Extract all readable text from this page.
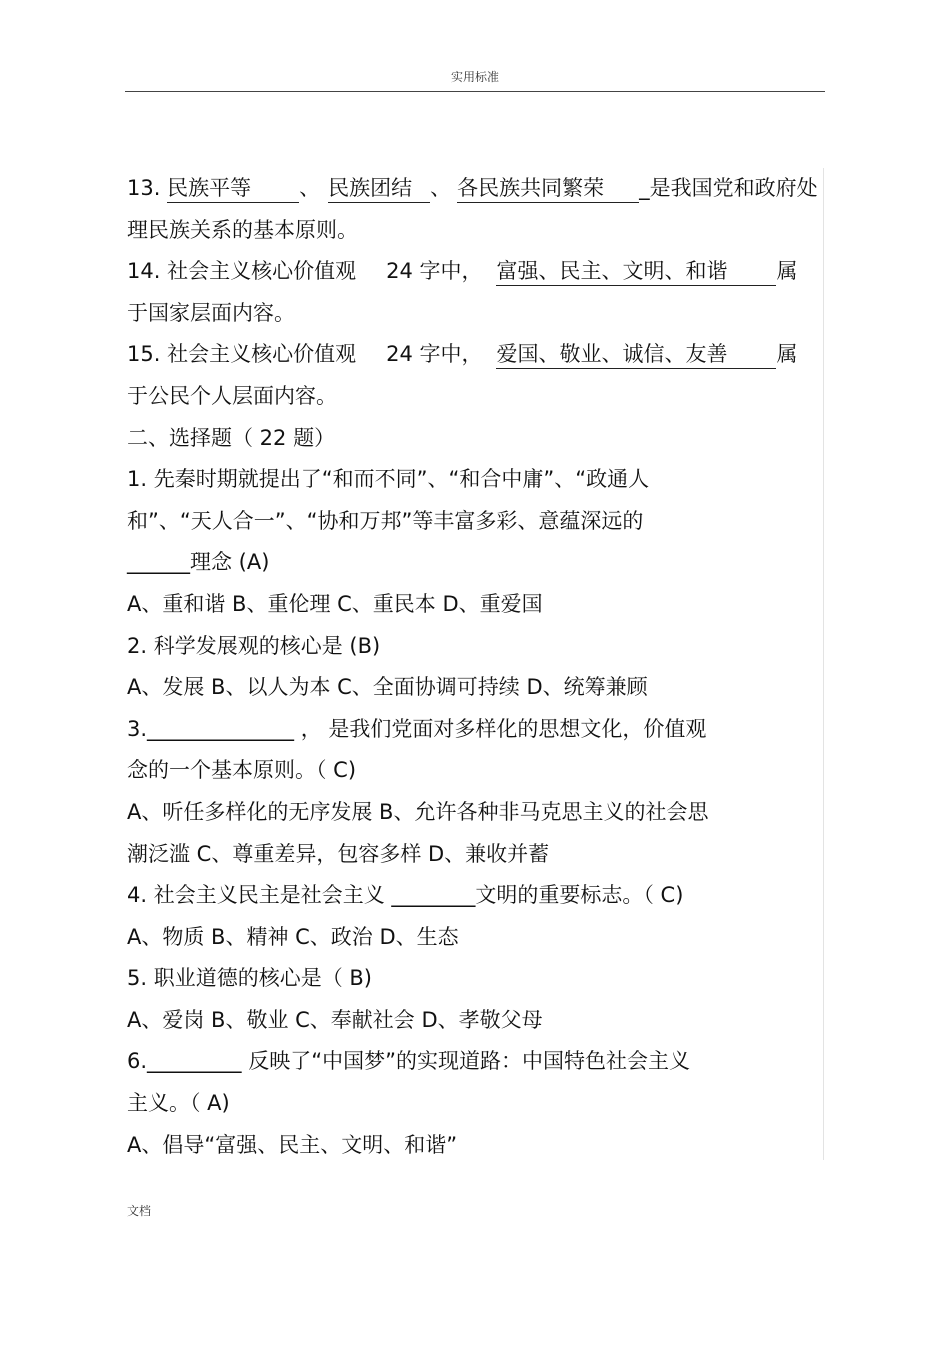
实用标准
13. 民族平等 、 民族团结 、 各民族共同繁荣 _是我国党和政府处
理民族关系的基本原则。
14. 社会主义核心价值观 24 字中， 富强、民主、文明、和谐 属
于国家层面内容。
15. 社会主义核心价值观 24 字中， 爱国、敬业、诚信、友善 属
于公民个人层面内容。
二、选择题（ 22 题）
1. 先秦时期就提出了“和而不同”、“和合中庸”、“政通人
和”、“天人合一”、“协和万邦”等丰富多彩、意蕴深远的
______理念 (A)
A、重和谐 B、重伦理 C、重民本 D、重爱国
2. 科学发展观的核心是 (B)
A、发展 B、以人为本 C、全面协调可持续 D、统筹兼顾
3.______________ ， 是我们党面对多样化的思想文化，价值观
念的一个基本原则。（ C)
A、听任多样化的无序发展 B、允许各种非马克思主义的社会思
潮泛滥 C、尊重差异，包容多样 D、兼收并蓄
4. 社会主义民主是社会主义 ________文明的重要标志。（ C)
A、物质 B、精神 C、政治 D、生态
5. 职业道德的核心是（ B)
A、爱岗 B、敬业 C、奉献社会 D、孝敬父母
6._________ 反映了“中国梦”的实现道路：中国特色社会主义
主义。（ A)
A、倡导“富强、民主、文明、和谐”
文档
